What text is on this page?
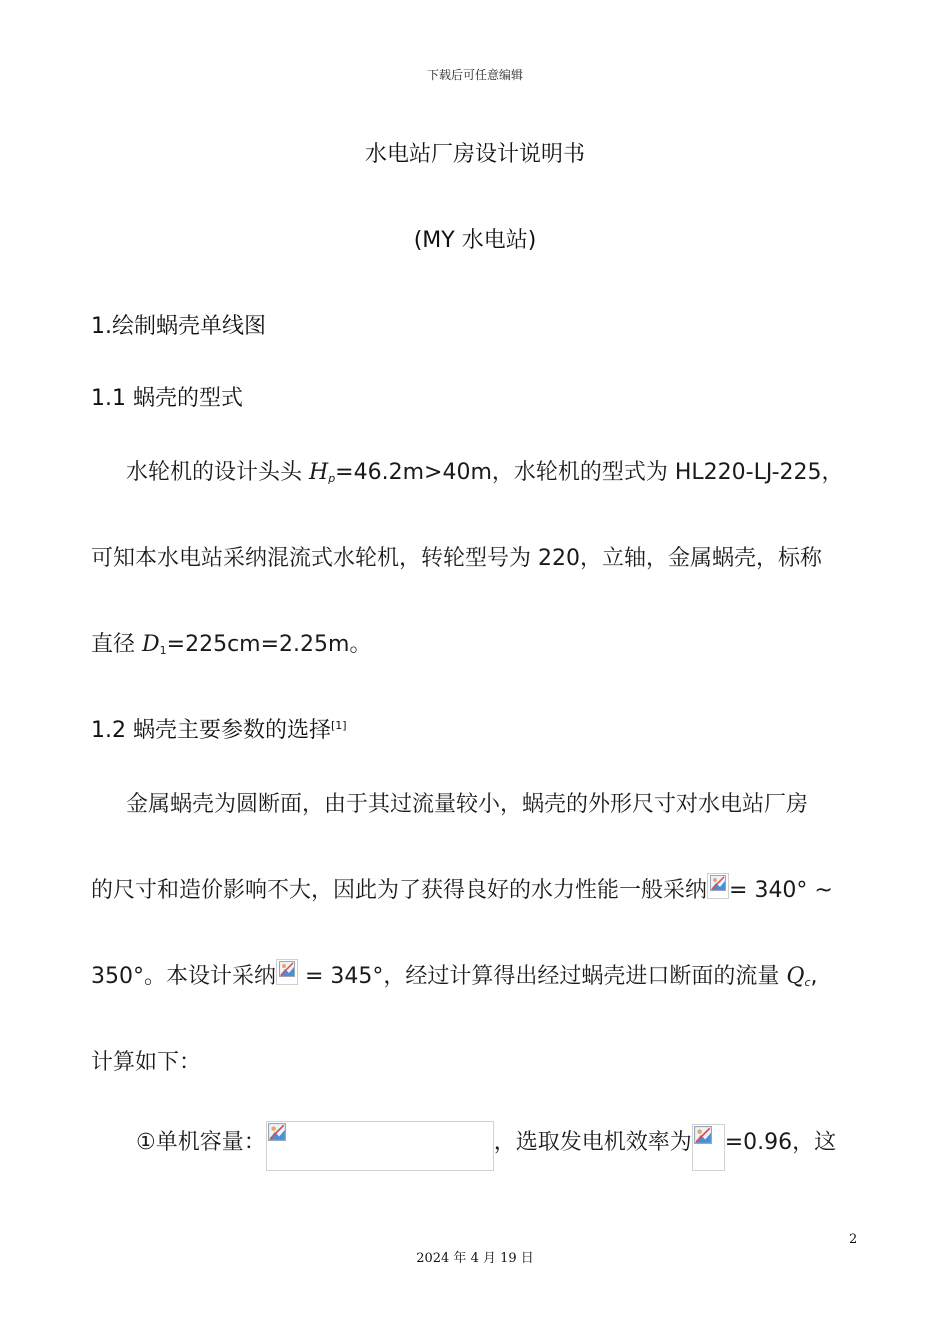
下载后可任意编辑
水电站厂房设计说明书
(MY 水电站)
1.绘制蜗壳单线图
1.1 蜗壳的型式
水轮机的设计头头 $H_p=46.2m>40m$，水轮机的型式为 HL220-LJ-225，
可知本水电站采纳混流式水轮机，转轮型号为 220，立轴，金属蜗壳，标称
直径 $D_1=225cm=2.25m$。
1.2 蜗壳主要参数的选择[1]
金属蜗壳为圆断面，由于其过流量较小，蜗壳的外形尺寸对水电站厂房
的尺寸和造价影响不大，因此为了获得良好的水力性能一般采纳 = 340° ~
350°。本设计采纳
= 345°，经过计算得出经过蜗壳进口断面的流量 $Q_c$,
计算如下：
①单机容量：	，选取发电机效率为 =0.96，这
2
2024 年 4 月 19 日
